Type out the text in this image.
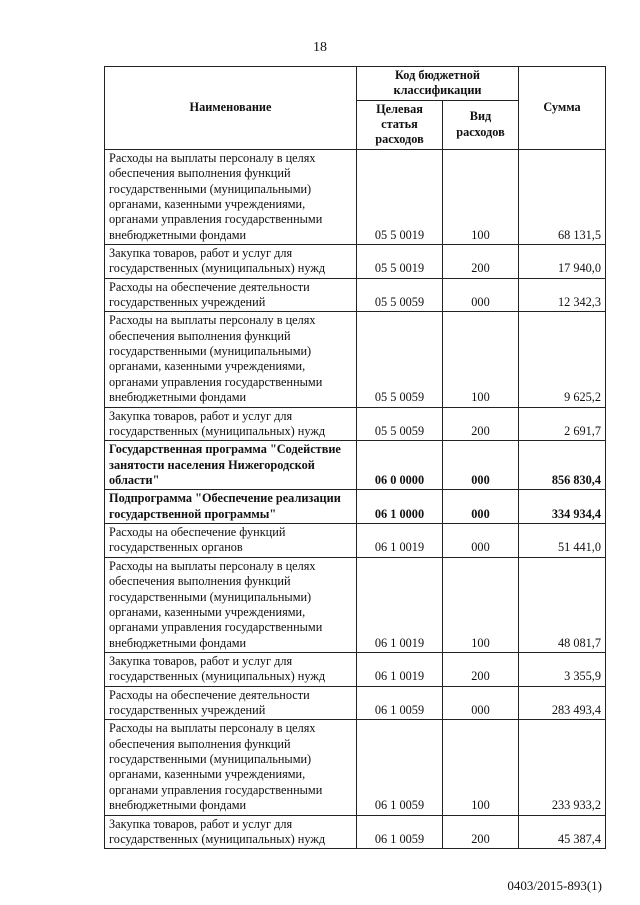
18
Наименование	Код бюджетной классификации		Сумма
	Целевая статья расходов	Вид расходов	
Расходы на выплаты персоналу в целях обеспечения выполнения функций государственными (муниципальными) органами, казенными учреждениями, органами управления государственными внебюджетными фондами	05 5 0019	100	68 131,5
Закупка товаров, работ и услуг для государственных (муниципальных) нужд	05 5 0019	200	17 940,0
Расходы на обеспечение деятельности государственных учреждений	05 5 0059	000	12 342,3
Расходы на выплаты персоналу в целях обеспечения выполнения функций государственными (муниципальными) органами, казенными учреждениями, органами управления государственными внебюджетными фондами	05 5 0059	100	9 625,2
Закупка товаров, работ и услуг для государственных (муниципальных) нужд	05 5 0059	200	2 691,7
Государственная программа "Содействие занятости населения Нижегородской области"	06 0 0000	000	856 830,4
Подпрограмма "Обеспечение реализации государственной программы"	06 1 0000	000	334 934,4
Расходы на обеспечение функций государственных органов	06 1 0019	000	51 441,0
Расходы на выплаты персоналу в целях обеспечения выполнения функций государственными (муниципальными) органами, казенными учреждениями, органами управления государственными внебюджетными фондами	06 1 0019	100	48 081,7
Закупка товаров, работ и услуг для государственных (муниципальных) нужд	06 1 0019	200	3 355,9
Расходы на обеспечение деятельности государственных учреждений	06 1 0059	000	283 493,4
Расходы на выплаты персоналу в целях обеспечения выполнения функций государственными (муниципальными) органами, казенными учреждениями, органами управления государственными внебюджетными фондами	06 1 0059	100	233 933,2
Закупка товаров, работ и услуг для государственных (муниципальных) нужд	06 1 0059	200	45 387,4
0403/2015-893(1)
